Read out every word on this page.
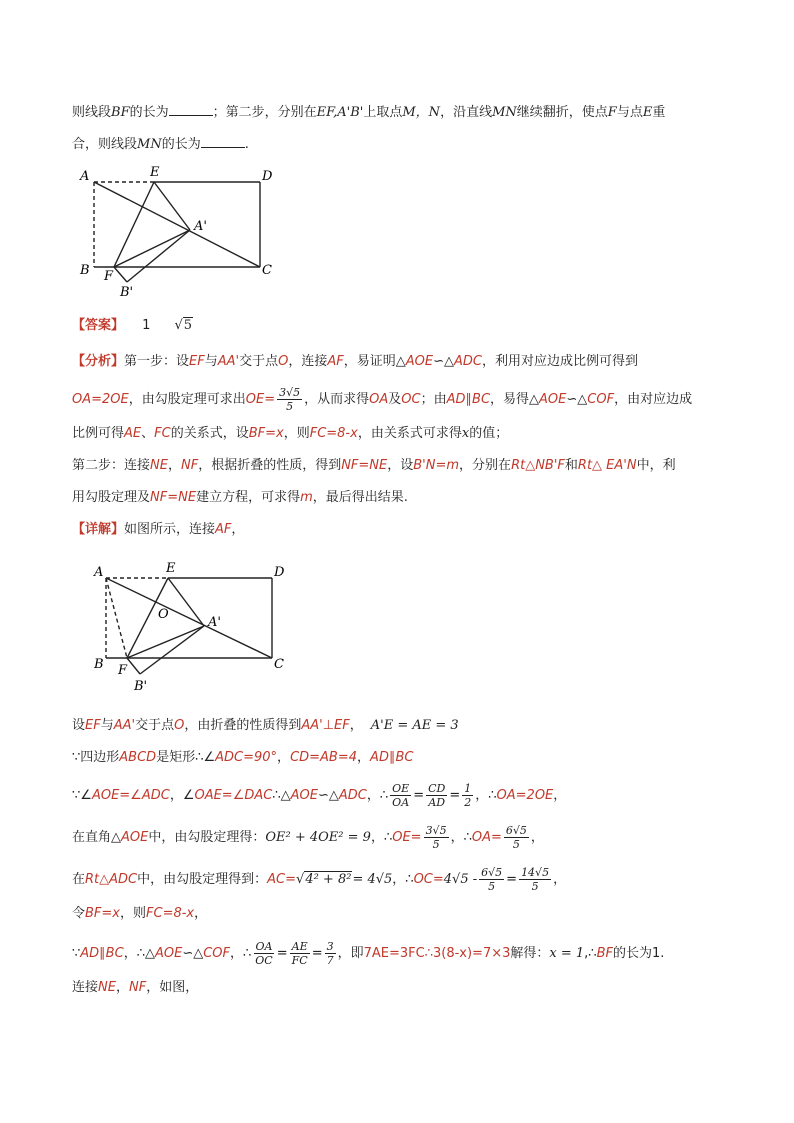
则线段BF的长为	；第二步，分别在EF,A'B'上取点M，N，沿直线MN继续翻折，使点F与点E重
合，则线段MN的长为	.
A	E	D
A'
B F	C
B'
【答案】 1 √5
【分析】第一步：设EF与AA'交于点O，连接AF，易证明△AOE∽△ADC，利用对应边成比例可得到
OA=2OE，由勾股定理可求出$OE= \frac{3√5}{5}$ ，从而求得OA及OC；由AD∥BC，易得△AOE∽△COF，由对应边成
比例可得AE、FC的关系式，设BF=x，则FC=8-x，由关系式可求得x的值；
第二步：连接NE，NF，根据折叠的性质，得到NF=NE，设B'N=m，分别在Rt△NB'F和Rt△ EA'N中，利
用勾股定理及NF=NE建立方程，可求得m，最后得出结果.
【详解】如图所示，连接AF，
A	E	D
O
A'
B F	C
B'
设EF与AA'交于点O，由折叠的性质得到AA'⊥EF， A'E = AE = 3
∵四边形ABCD是矩形∴∠ADC=90°，CD=AB=4，AD∥BC
∵∠AOE=∠ADC，∠OAE=∠DAC∴△AOE∽△ADC，∴ $\frac{OE}{OA} = \frac{CD}{AD} = \frac{1}{2}$ ，∴OA=2OE，
在直角△AOE中，由勾股定理得：OE² + 4OE² = 9，∴OE= $\frac{3√5}{5}$ ，∴OA= $\frac{6√5}{5}$ ，
在Rt△ADC中，由勾股定理得到：AC=√4² + 8²= 4√5，∴OC=4√5 - $\frac{6√5}{5} = \frac{14√5}{5}$ ，
令BF=x，则FC=8-x，
∵AD∥BC，∴△AOE∽△COF，∴ $\frac{OA}{OC} = \frac{AE}{FC} = \frac{3}{7}$ ，即7AE=3FC∴3(8-x)=7×3解得：x = 1,∴BF的长为1.
连接NE，NF，如图，
